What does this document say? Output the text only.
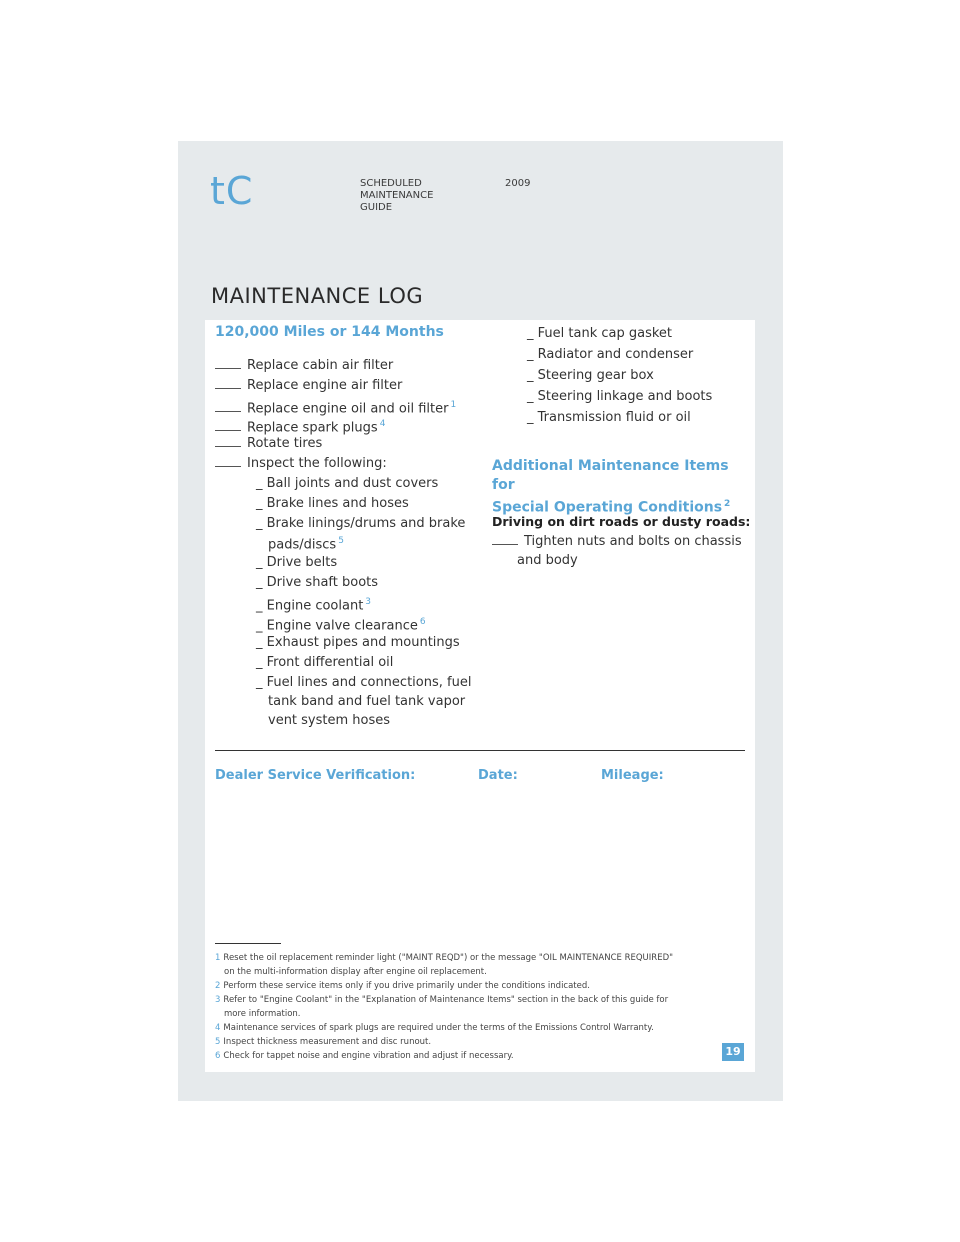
tC	SCHEDULED
MAINTENANCE
GUIDE
2009
MAINTENANCE LOG
120,000 Miles or 144 Months
Replace cabin air filter
Replace engine air filter
Replace engine oil and oil filter $^1$
Replace spark plugs $^4$
Rotate tires
Inspect the following:
_ Ball joints and dust covers
_ Brake lines and hoses
_ Brake linings/drums and brake
pads/discs $^5$
_ Drive belts
_ Drive shaft boots
_ Engine coolant $^3$
_ Engine valve clearance $^6$
_ Exhaust pipes and mountings
_ Front differential oil
_ Fuel lines and connections, fuel
tank band and fuel tank vapor
vent system hoses
_ Fuel tank cap gasket
_ Radiator and condenser
_ Steering gear box
_ Steering linkage and boots
_ Transmission fluid or oil
Additional Maintenance Items for
Special Operating Conditions $^2$
Driving on dirt roads or dusty roads:
Tighten nuts and bolts on chassis
and body
Dealer Service Verification:	Date:	Mileage:
1 Reset the oil replacement reminder light ("MAINT REQD") or the message "OIL MAINTENANCE REQUIRED"
on the multi-information display after engine oil replacement.
2 Perform these service items only if you drive primarily under the conditions indicated.
3 Refer to "Engine Coolant" in the "Explanation of Maintenance Items" section in the back of this guide for
more information.
4 Maintenance services of spark plugs are required under the terms of the Emissions Control Warranty.
5 Inspect thickness measurement and disc runout.
6 Check for tappet noise and engine vibration and adjust if necessary.	19
